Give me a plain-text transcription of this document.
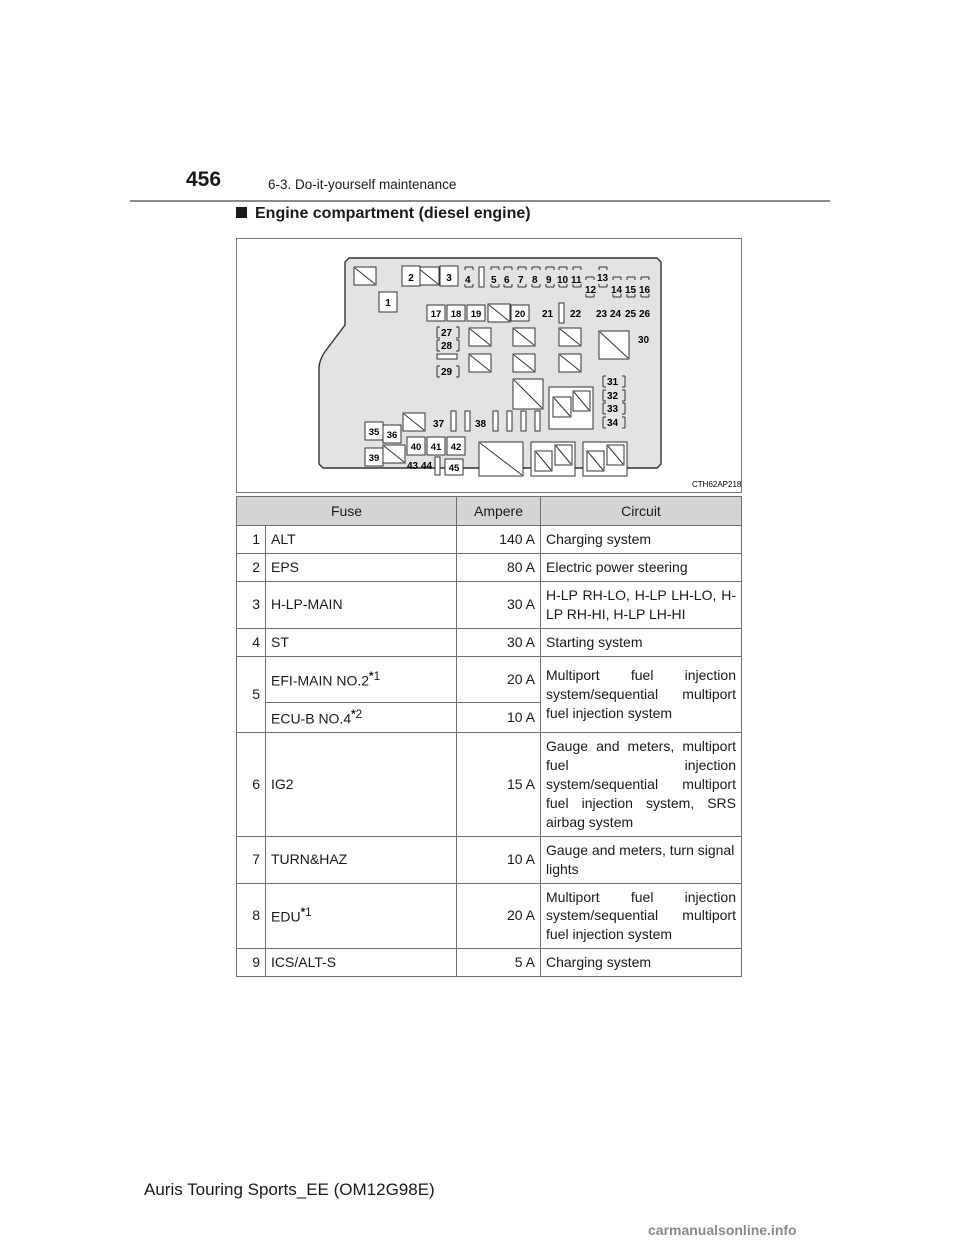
456	6-3. Do-it-yourself maintenance
Engine compartment (diesel engine)
2	3
1
4 5 6 7 8 9 10 11
12
13
14 15 16
17 18 19	20 21 22 23 24 25 26
27
28
29
30
31
32
33
34
35 36
37	38
39
40 41 42
43 44 45
CTH62AP218
Fuse		Ampere	Circuit
1	ALT	140 A	Charging system
2	EPS	80 A	Electric power steering
3	H-LP-MAIN	30 A	H-LP RH-LO, H-LP LH-LO, H-LP RH-HI, H-LP LH-HI
4	ST	30 A	Starting system
5	EFI-MAIN NO.2$^{*1}$	20 A	Multiport fuel injection system/sequential multiport fuel injection system
	ECU-B NO.4$^{*2}$	10 A	
6	IG2	15 A	Gauge and meters, multiport fuel injection system/sequential multiport fuel injection system, SRS airbag system
7	TURN&HAZ	10 A	Gauge and meters, turn signal lights
8	EDU$^{*1}$	20 A	Multiport fuel injection system/sequential multiport fuel injection system
9	ICS/ALT-S	5 A	Charging system
Auris Touring Sports_EE (OM12G98E)
carmanualsonline.info
